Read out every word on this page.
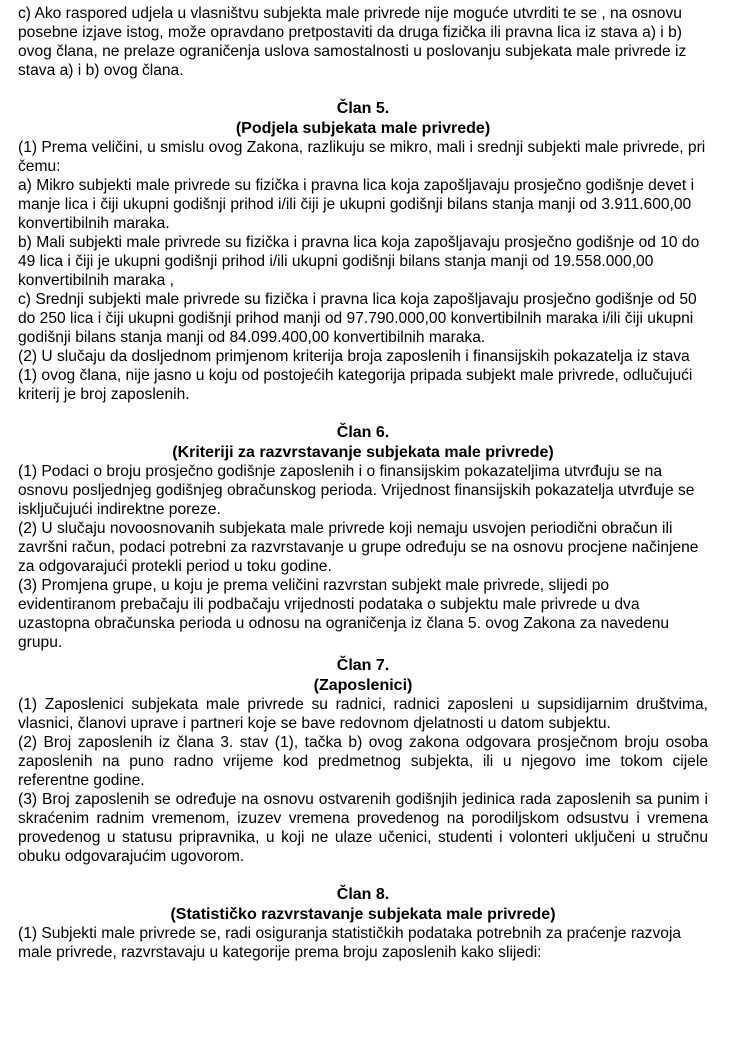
c) Ako raspored udjela u vlasništvu subjekta male privrede nije moguće utvrditi te se , na osnovu posebne izjave istog, može opravdano pretpostaviti da druga fizička ili pravna lica iz stava a) i b) ovog člana, ne prelaze ograničenja uslova samostalnosti u poslovanju subjekata male privrede iz stava a) i b) ovog člana.

Član 5.

(Podjela subjekata male privrede)

(1) Prema veličini, u smislu ovog Zakona, razlikuju se mikro, mali i srednji subjekti male privrede, pri čemu:

a) Mikro subjekti male privrede su fizička i pravna lica koja zapošljavaju prosječno godišnje devet i manje lica i čiji ukupni godišnji prihod i/ili čiji je ukupni godišnji bilans stanja manji od 3.911.600,00 konvertibilnih maraka.

b) Mali subjekti male privrede su fizička i pravna lica koja zapošljavaju prosječno godišnje od 10 do 49 lica i čiji je ukupni godišnji prihod i/ili ukupni godišnji bilans stanja manji od 19.558.000,00 konvertibilnih maraka ,

c) Srednji subjekti male privrede su fizička i pravna lica koja zapošljavaju prosječno godišnje od 50 do 250 lica i čiji ukupni godišnji prihod manji od 97.790.000,00 konvertibilnih maraka i/ili čiji ukupni godišnji bilans stanja manji od 84.099.400,00 konvertibilnih maraka.

(2) U slučaju da dosljednom primjenom kriterija broja zaposlenih i finansijskih pokazatelja iz stava (1) ovog člana, nije jasno u koju od postojećih kategorija pripada subjekt male privrede, odlučujući kriterij je broj zaposlenih.

Član 6.

(Kriteriji za razvrstavanje subjekata male privrede)

(1) Podaci o broju prosječno godišnje zaposlenih i o finansijskim pokazateljima utvrđuju se na osnovu posljednjeg godišnjeg obračunskog perioda. Vrijednost finansijskih pokazatelja utvrđuje se isključujući indirektne poreze.

(2) U slučaju novoosnovanih subjekata male privrede koji nemaju usvojen periodični obračun ili završni račun, podaci potrebni za razvrstavanje u grupe određuju se na osnovu procjene načinjene za odgovarajući protekli period u toku godine.

(3) Promjena grupe, u koju je prema veličini razvrstan subjekt male privrede, slijedi po evidentiranom prebačaju ili podbačaju vrijednosti podataka o subjektu male privrede u dva uzastopna obračunska perioda u odnosu na ograničenja iz člana 5. ovog Zakona za navedenu grupu.

Član 7.

(Zaposlenici)

(1) Zaposlenici subjekata male privrede su radnici, radnici zaposleni u supsidijarnim društvima, vlasnici, članovi uprave i partneri koje se bave redovnom djelatnosti u datom subjektu.

(2) Broj zaposlenih iz člana 3. stav (1), tačka b) ovog zakona odgovara prosječnom broju osoba zaposlenih na puno radno vrijeme kod predmetnog subjekta, ili u njegovo ime tokom cijele referentne godine.

(3) Broj zaposlenih se određuje na osnovu ostvarenih godišnjih jedinica rada zaposlenih sa punim i skraćenim radnim vremenom, izuzev vremena provedenog na porodiljskom odsustvu i vremena provedenog u statusu pripravnika, u koji ne ulaze učenici, studenti i volonteri uključeni u stručnu obuku odgovarajućim ugovorom.

Član 8.

(Statističko razvrstavanje subjekata male privrede)

(1) Subjekti male privrede se, radi osiguranja statističkih podataka potrebnih za praćenje razvoja male privrede, razvrstavaju u kategorije prema broju zaposlenih kako slijedi:
